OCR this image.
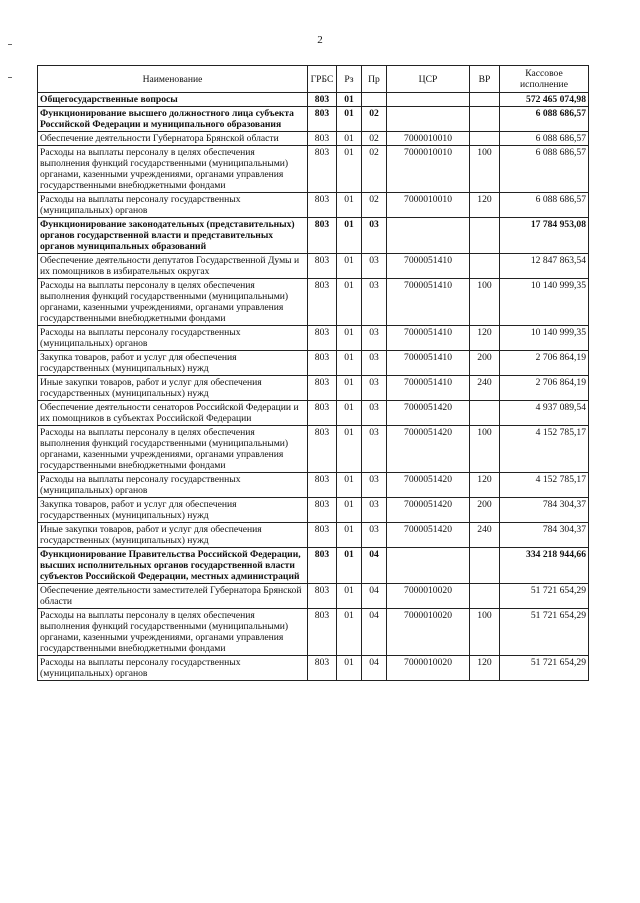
2
Наименование	ГРБС	Рз	Пр	ЦСР	ВР	Кассовое исполнение
Общегосударственные вопросы	803	01				572 465 074,98
Функционирование высшего должностного лица субъекта Российской Федерации и муниципального образования	803	01	02			6 088 686,57
Обеспечение деятельности Губернатора Брянской области	803	01	02	7000010010		6 088 686,57
Расходы на выплаты персоналу в целях обеспечения выполнения функций государственными (муниципальными) органами, казенными учреждениями, органами управления государственными внебюджетными фондами	803	01	02	7000010010	100	6 088 686,57
Расходы на выплаты персоналу государственных (муниципальных) органов	803	01	02	7000010010	120	6 088 686,57
Функционирование законодательных (представительных) органов государственной власти и представительных органов муниципальных образований	803	01	03			17 784 953,08
Обеспечение деятельности депутатов Государственной Думы и их помощников в избирательных округах	803	01	03	7000051410		12 847 863,54
Расходы на выплаты персоналу в целях обеспечения выполнения функций государственными (муниципальными) органами, казенными учреждениями, органами управления государственными внебюджетными фондами	803	01	03	7000051410	100	10 140 999,35
Расходы на выплаты персоналу государственных (муниципальных) органов	803	01	03	7000051410	120	10 140 999,35
Закупка товаров, работ и услуг для обеспечения государственных (муниципальных) нужд	803	01	03	7000051410	200	2 706 864,19
Иные закупки товаров, работ и услуг для обеспечения государственных (муниципальных) нужд	803	01	03	7000051410	240	2 706 864,19
Обеспечение деятельности сенаторов Российской Федерации и их помощников в субъектах Российской Федерации	803	01	03	7000051420		4 937 089,54
Расходы на выплаты персоналу в целях обеспечения выполнения функций государственными (муниципальными) органами, казенными учреждениями, органами управления государственными внебюджетными фондами	803	01	03	7000051420	100	4 152 785,17
Расходы на выплаты персоналу государственных (муниципальных) органов	803	01	03	7000051420	120	4 152 785,17
Закупка товаров, работ и услуг для обеспечения государственных (муниципальных) нужд	803	01	03	7000051420	200	784 304,37
Иные закупки товаров, работ и услуг для обеспечения государственных (муниципальных) нужд	803	01	03	7000051420	240	784 304,37
Функционирование Правительства Российской Федерации, высших исполнительных органов государственной власти субъектов Российской Федерации, местных администраций	803	01	04			334 218 944,66
Обеспечение деятельности заместителей Губернатора Брянской области	803	01	04	7000010020		51 721 654,29
Расходы на выплаты персоналу в целях обеспечения выполнения функций государственными (муниципальными) органами, казенными учреждениями, органами управления государственными внебюджетными фондами	803	01	04	7000010020	100	51 721 654,29
Расходы на выплаты персоналу государственных (муниципальных) органов	803	01	04	7000010020	120	51 721 654,29
